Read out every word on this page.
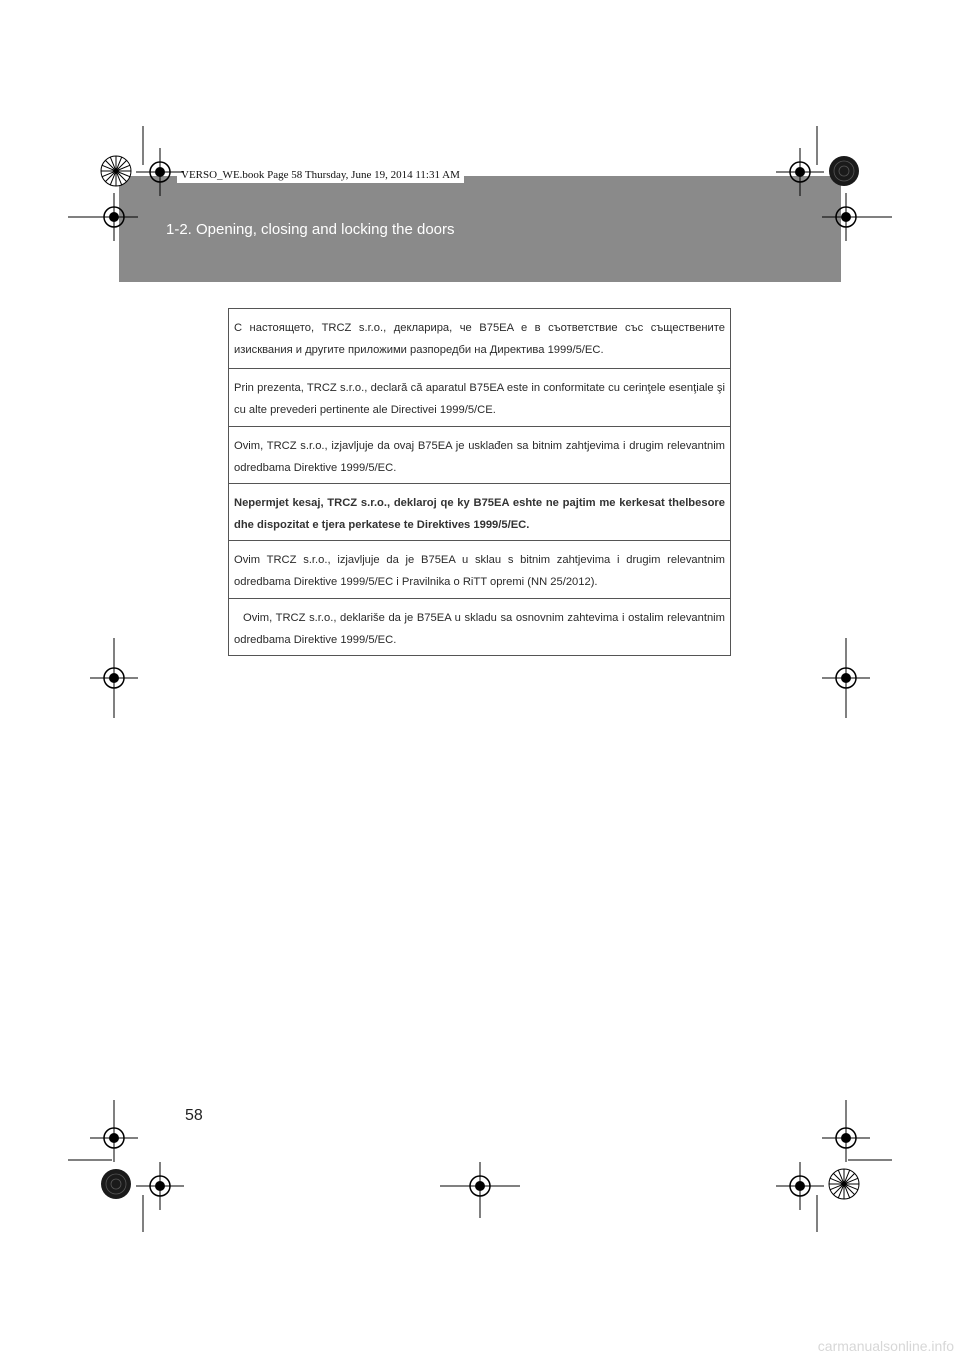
1-2. Opening, closing and locking the doors
VERSO_WE.book Page 58 Thursday, June 19, 2014 11:31 AM
С настоящето, TRCZ s.r.o., декларира, че B75EA е в съответствие със съществените изисквания и другите приложими разпоредби на Директива 1999/5/ЕС.
Prin prezenta, TRCZ s.r.o., declară că aparatul B75EA este in conformitate cu cerinţele esenţiale şi cu alte prevederi pertinente ale Directivei 1999/5/CE.
Ovim, TRCZ s.r.o., izjavljuje da ovaj B75EA je usklađen sa bitnim zahtjevima i drugim relevantnim odredbama Direktive 1999/5/EC.
Nepermjet kesaj, TRCZ s.r.o., deklaroj qe ky B75EA eshte ne pajtim me kerkesat thelbesore dhe dispozitat e tjera perkatese te Direktives 1999/5/EC.
Ovim TRCZ s.r.o., izjavljuje da je B75EA u sklau s bitnim zahtjevima i drugim relevantnim odredbama Direktive 1999/5/EC i Pravilnika o RiTT opremi (NN 25/2012).
Ovim, TRCZ s.r.o., deklariše da je B75EA u skladu sa osnovnim zahtevima i ostalim relevantnim odredbama Direktive 1999/5/EC.
58
carmanualsonline.info
